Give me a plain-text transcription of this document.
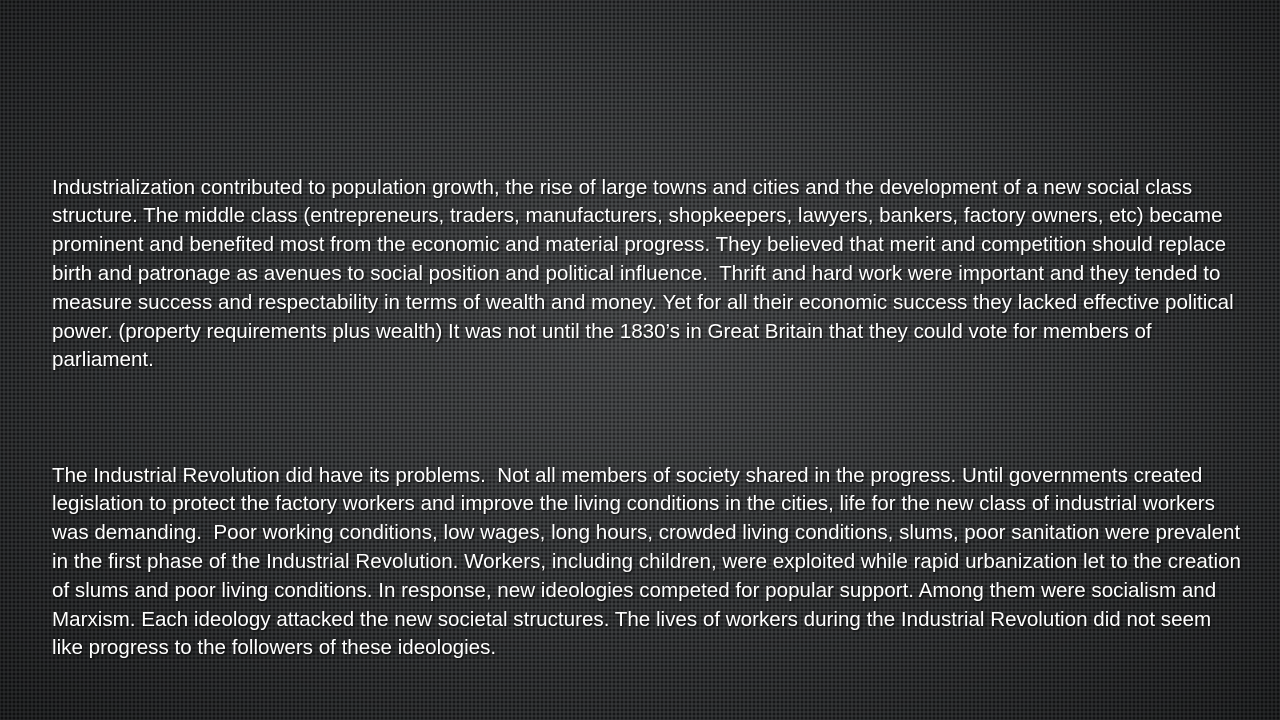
Industrialization contributed to population growth, the rise of large towns and cities and the development of a new social class structure. The middle class (entrepreneurs, traders, manufacturers, shopkeepers, lawyers, bankers, factory owners, etc) became prominent and benefited most from the economic and material progress. They believed that merit and competition should replace birth and patronage as avenues to social position and political influence.  Thrift and hard work were important and they tended to measure success and respectability in terms of wealth and money. Yet for all their economic success they lacked effective political power. (property requirements plus wealth) It was not until the 1830’s in Great Britain that they could vote for members of parliament.

The Industrial Revolution did have its problems.  Not all members of society shared in the progress. Until governments created legislation to protect the factory workers and improve the living conditions in the cities, life for the new class of industrial workers was demanding.  Poor working conditions, low wages, long hours, crowded living conditions, slums, poor sanitation were prevalent in the first phase of the Industrial Revolution. Workers, including children, were exploited while rapid urbanization let to the creation of slums and poor living conditions. In response, new ideologies competed for popular support. Among them were socialism and Marxism. Each ideology attacked the new societal structures. The lives of workers during the Industrial Revolution did not seem like progress to the followers of these ideologies.
